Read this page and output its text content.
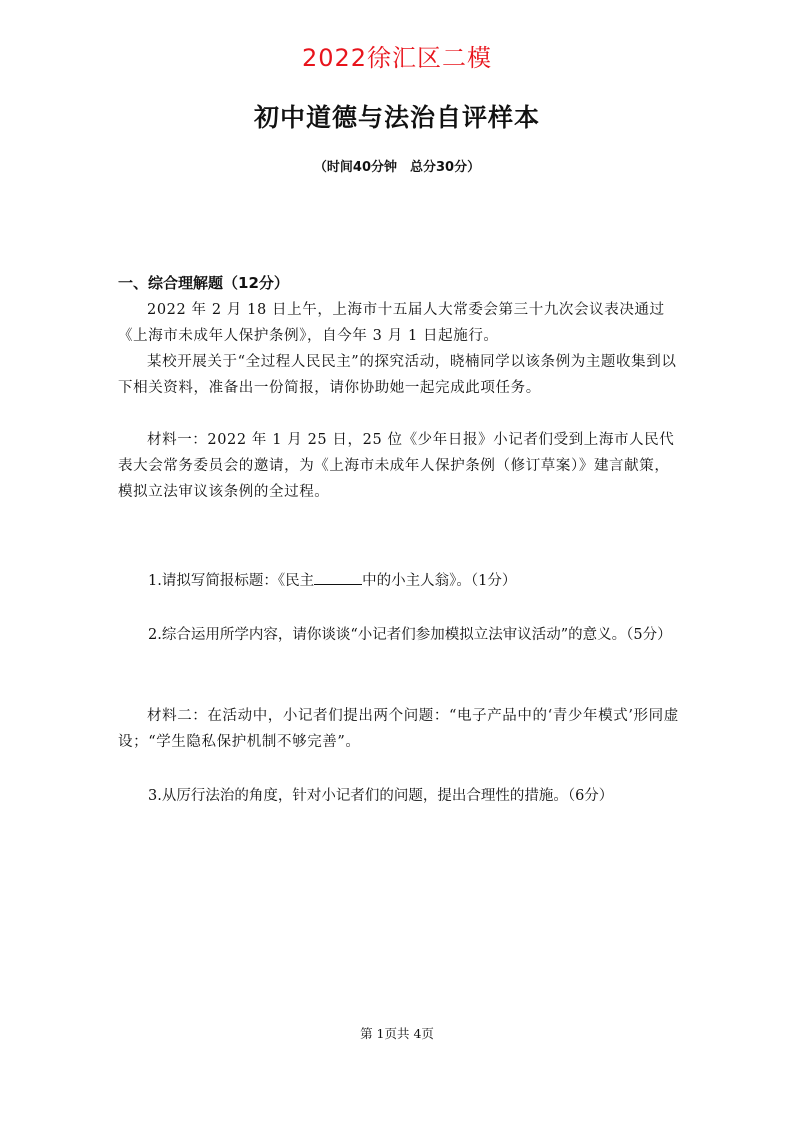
2022徐汇区二模
初中道德与法治自评样本
（时间40分钟　总分30分）
一、综合理解题（12分）
2022 年 2 月 18 日上午，上海市十五届人大常委会第三十九次会议表决通过《上海市未成年人保护条例》，自今年 3 月 1 日起施行。
某校开展关于“全过程人民民主”的探究活动，晓楠同学以该条例为主题收集到以下相关资料，准备出一份简报，请你协助她一起完成此项任务。
材料一：2022 年 1 月 25 日，25 位《少年日报》小记者们受到上海市人民代表大会常务委员会的邀请，为《上海市未成年人保护条例（修订草案）》建言献策，模拟立法审议该条例的全过程。
1.请拟写简报标题：《民主	中的小主人翁》。（1分）
2.综合运用所学内容，请你谈谈“小记者们参加模拟立法审议活动”的意义。（5分）
材料二：在活动中，小记者们提出两个问题：“电子产品中的‘青少年模式’形同虚设；“学生隐私保护机制不够完善”。
3.从厉行法治的角度，针对小记者们的问题，提出合理性的措施。（6分）
第 1页共 4页
